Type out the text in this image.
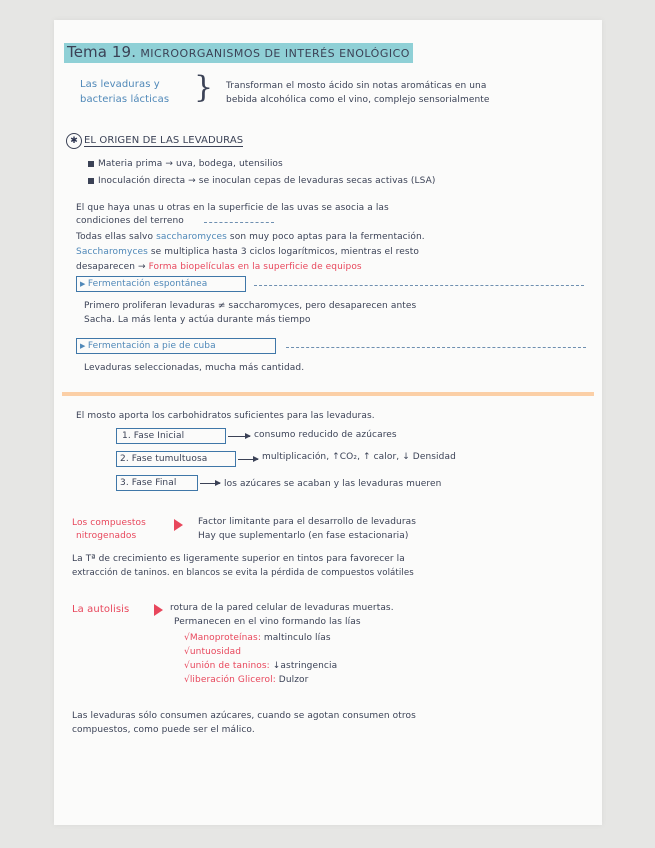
Tema 19. MICROORGANISMOS DE INTERÉS ENOLÓGICO
Las levaduras y
bacterias lácticas } Transforman el mosto ácido sin notas aromáticas en una
bebida alcohólica como el vino, complejo sensorialmente
✱ EL ORIGEN DE LAS LEVADURAS
Materia prima → uva, bodega, utensilios
Inoculación directa → se inoculan cepas de levaduras secas activas (LSA)
El que haya unas u otras en la superficie de las uvas se asocia a las
condiciones del terreno
Todas ellas salvo saccharomyces son muy poco aptas para la fermentación.
Saccharomyces se multiplica hasta 3 ciclos logarítmicos, mientras el resto
desaparecen → Forma biopelículas en la superficie de equipos
▶ Fermentación espontánea
Primero proliferan levaduras ≠ saccharomyces, pero desaparecen antes
Sacha. La más lenta y actúa durante más tiempo
▶ Fermentación a pie de cuba
Levaduras seleccionadas, mucha más cantidad.
El mosto aporta los carbohidratos suficientes para las levaduras.
1. Fase Inicial	consumo reducido de azúcares
2. Fase tumultuosa	multiplicación, ↑CO₂, ↑ calor, ↓ Densidad
3. Fase Final	los azúcares se acaban y las levaduras mueren
Los compuestos
nitrogenados
Factor limitante para el desarrollo de levaduras
Hay que suplementarlo (en fase estacionaria)
La Tª de crecimiento es ligeramente superior en tintos para favorecer la
extracción de taninos. en blancos se evita la pérdida de compuestos volátiles
La autolisis	rotura de la pared celular de levaduras muertas.
Permanecen en el vino formando las lías
√Manoproteínas: maltinculo lías
√untuosidad
√unión de taninos: ↓astringencia
√liberación Glicerol: Dulzor
Las levaduras sólo consumen azúcares, cuando se agotan consumen otros
compuestos, como puede ser el málico.
